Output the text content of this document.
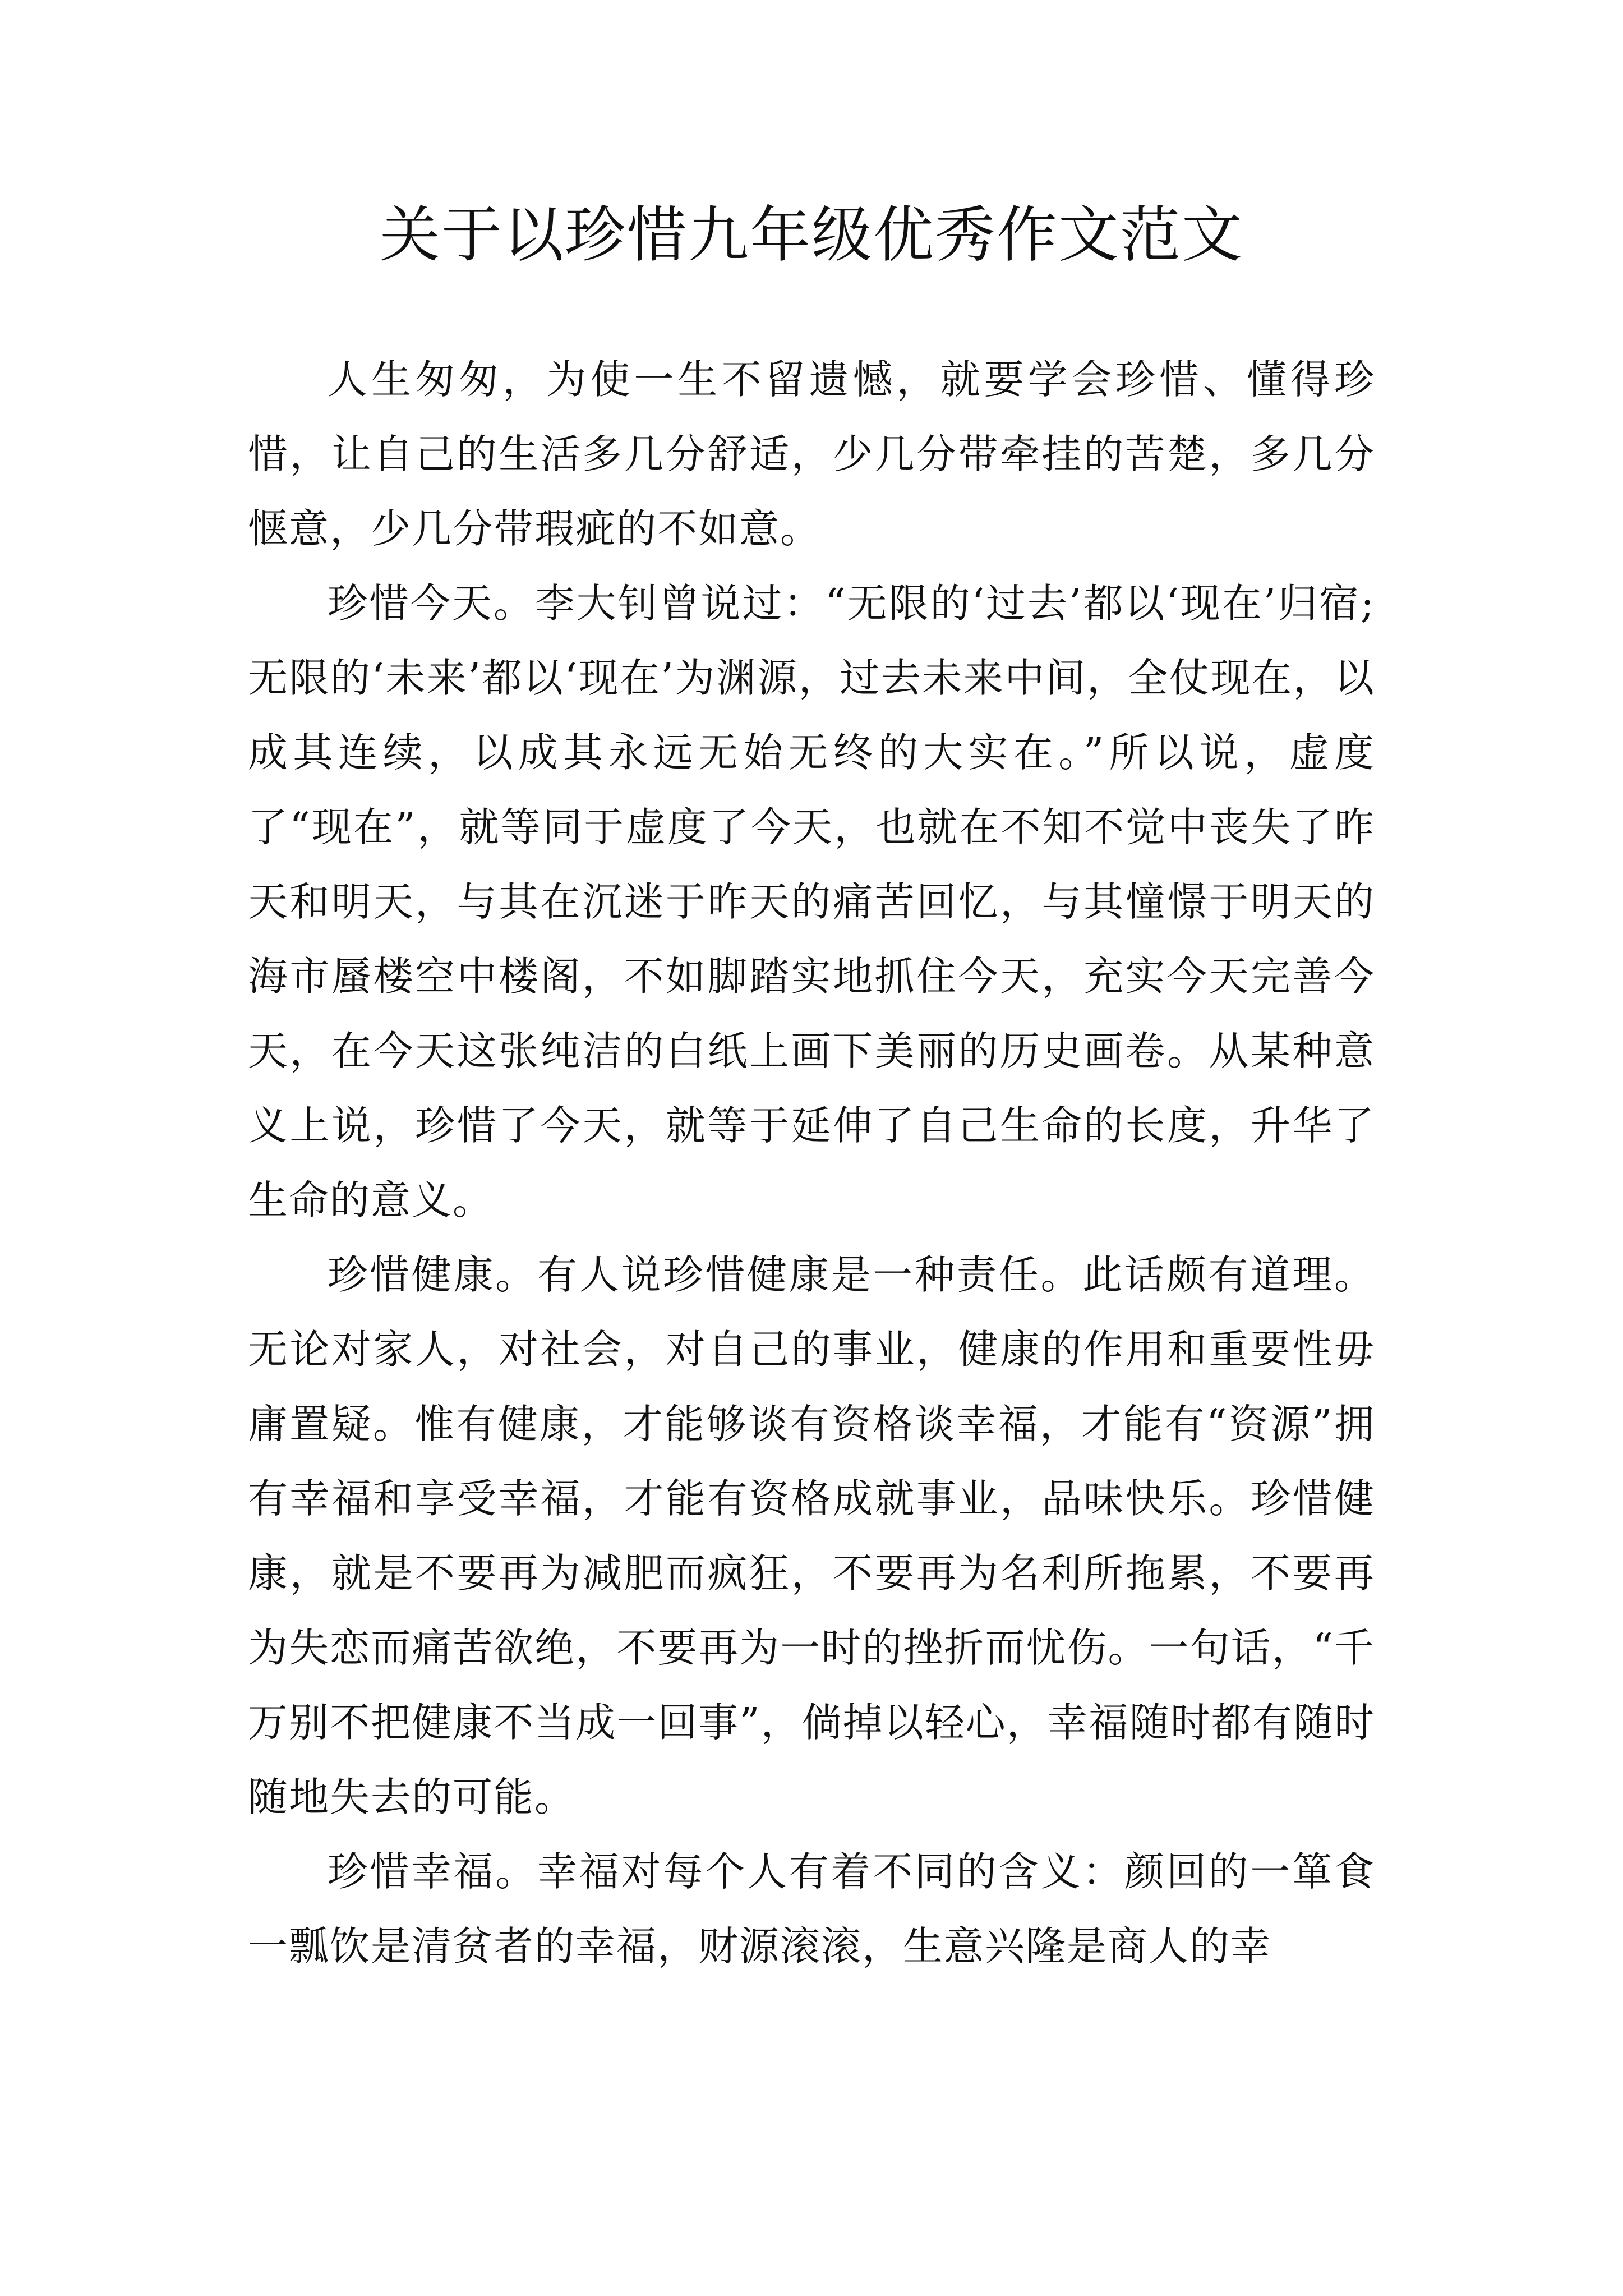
关于以珍惜九年级优秀作文范文

人生匆匆，为使一生不留遗憾，就要学会珍惜、懂得珍惜，让自己的生活多几分舒适，少几分带牵挂的苦楚，多几分惬意，少几分带瑕疵的不如意。

珍惜今天。李大钊曾说过：“无限的‘过去’都以‘现在’归宿;无限的‘未来’都以‘现在’为渊源，过去未来中间，全仗现在，以成其连续，以成其永远无始无终的大实在。”所以说，虚度了“现在”，就等同于虚度了今天，也就在不知不觉中丧失了昨天和明天，与其在沉迷于昨天的痛苦回忆，与其憧憬于明天的海市蜃楼空中楼阁，不如脚踏实地抓住今天，充实今天完善今天，在今天这张纯洁的白纸上画下美丽的历史画卷。从某种意义上说，珍惜了今天，就等于延伸了自己生命的长度，升华了生命的意义。

珍惜健康。有人说珍惜健康是一种责任。此话颇有道理。无论对家人，对社会，对自己的事业，健康的作用和重要性毋庸置疑。惟有健康，才能够谈有资格谈幸福，才能有“资源”拥有幸福和享受幸福，才能有资格成就事业，品味快乐。珍惜健康，就是不要再为减肥而疯狂，不要再为名利所拖累，不要再为失恋而痛苦欲绝，不要再为一时的挫折而忧伤。一句话，“千万别不把健康不当成一回事”，倘掉以轻心，幸福随时都有随时随地失去的可能。

珍惜幸福。幸福对每个人有着不同的含义：颜回的一箪食一瓢饮是清贫者的幸福，财源滚滚，生意兴隆是商人的幸
